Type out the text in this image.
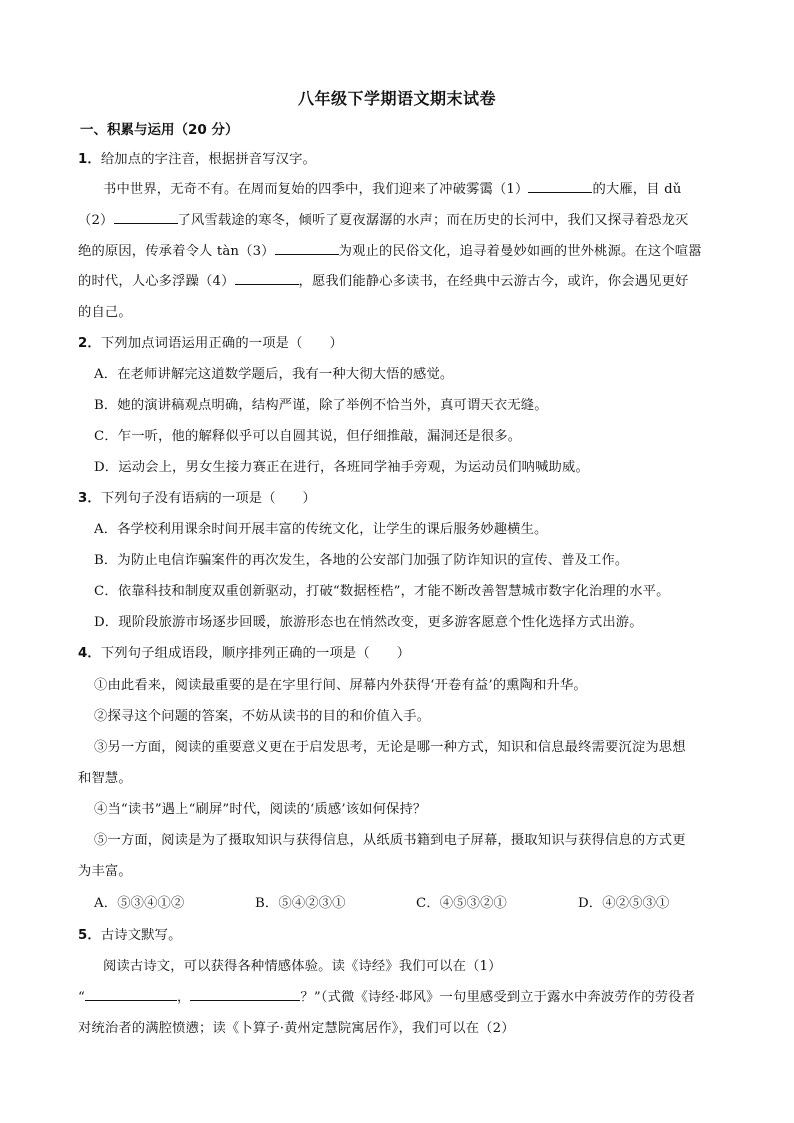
八年级下学期语文期末试卷
一、积累与运用（20 分）
1．给加点的字注音，根据拼音写汉字。
书中世界，无奇不有。在周而复始的四季中，我们迎来了冲破雾霭（1）	的大雁，目 dǔ
（2）	了风雪载途的寒冬，倾听了夏夜潺潺的水声；而在历史的长河中，我们又探寻着恐龙灭
绝的原因，传承着令人 tàn（3）	为观止的民俗文化，追寻着曼妙如画的世外桃源。在这个喧嚣
的时代，人心多浮躁（4）	，愿我们能静心多读书，在经典中云游古今，或许，你会遇见更好
的自己。
2．下列加点词语运用正确的一项是（　　）
A．在老师讲解完这道数学题后，我有一种大彻大悟的感觉。
B．她的演讲稿观点明确，结构严谨，除了举例不恰当外，真可谓天衣无缝。
C．乍一听，他的解释似乎可以自圆其说，但仔细推敲，漏洞还是很多。
D．运动会上，男女生接力赛正在进行，各班同学袖手旁观，为运动员们呐喊助威。
3．下列句子没有语病的一项是（　　）
A．各学校利用课余时间开展丰富的传统文化，让学生的课后服务妙趣横生。
B．为防止电信诈骗案件的再次发生，各地的公安部门加强了防诈知识的宣传、普及工作。
C．依靠科技和制度双重创新驱动，打破“数据桎梏”，才能不断改善智慧城市数字化治理的水平。
D．现阶段旅游市场逐步回暖，旅游形态也在悄然改变，更多游客愿意个性化选择方式出游。
4．下列句子组成语段，顺序排列正确的一项是（　　）
①由此看来，阅读最重要的是在字里行间、屏幕内外获得‘开卷有益’的熏陶和升华。
②探寻这个问题的答案，不妨从读书的目的和价值入手。
③另一方面，阅读的重要意义更在于启发思考，无论是哪一种方式，知识和信息最终需要沉淀为思想
和智慧。
④当“读书”遇上“刷屏”时代，阅读的‘质感’该如何保持？
⑤一方面，阅读是为了摄取知识与获得信息，从纸质书籍到电子屏幕，摄取知识与获得信息的方式更
为丰富。
A．⑤③④①②	B．⑤④②③①	C．④⑤③②①	D．④②⑤③①
5．古诗文默写。
阅读古诗文，可以获得各种情感体验。读《诗经》我们可以在（1）
“	，	？”（式微《诗经·邶风》一句里感受到立于露水中奔波劳作的劳役者
对统治者的满腔愤懑；读《卜算子·黄州定慧院寓居作》，我们可以在（2）
